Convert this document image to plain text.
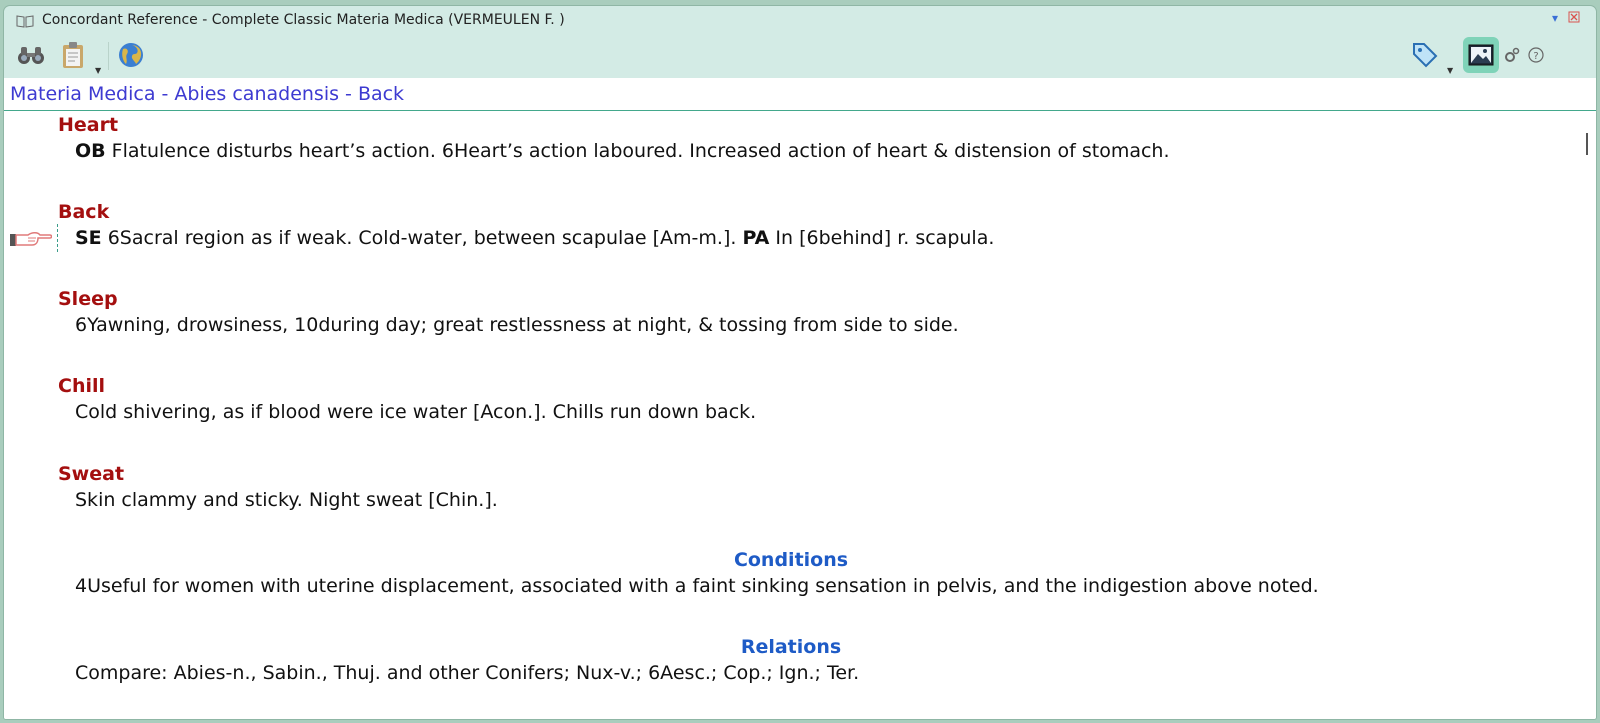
Concordant Reference - Complete Classic Materia Medica (VERMEULEN F. )	▾
▼	▼
?
Materia Medica - Abies canadensis - Back
Heart
OB Flatulence disturbs heart’s action. 6Heart’s action laboured. Increased action of heart & distension of stomach.
Back
SE 6Sacral region as if weak. Cold-water, between scapulae [Am-m.]. PA In [6behind] r. scapula.
Sleep
6Yawning, drowsiness, 10during day; great restlessness at night, & tossing from side to side.
Chill
Cold shivering, as if blood were ice water [Acon.]. Chills run down back.
Sweat
Skin clammy and sticky. Night sweat [Chin.].
Conditions
4Useful for women with uterine displacement, associated with a faint sinking sensation in pelvis, and the indigestion above noted.
Relations
Compare: Abies-n., Sabin., Thuj. and other Conifers; Nux-v.; 6Aesc.; Cop.; Ign.; Ter.
